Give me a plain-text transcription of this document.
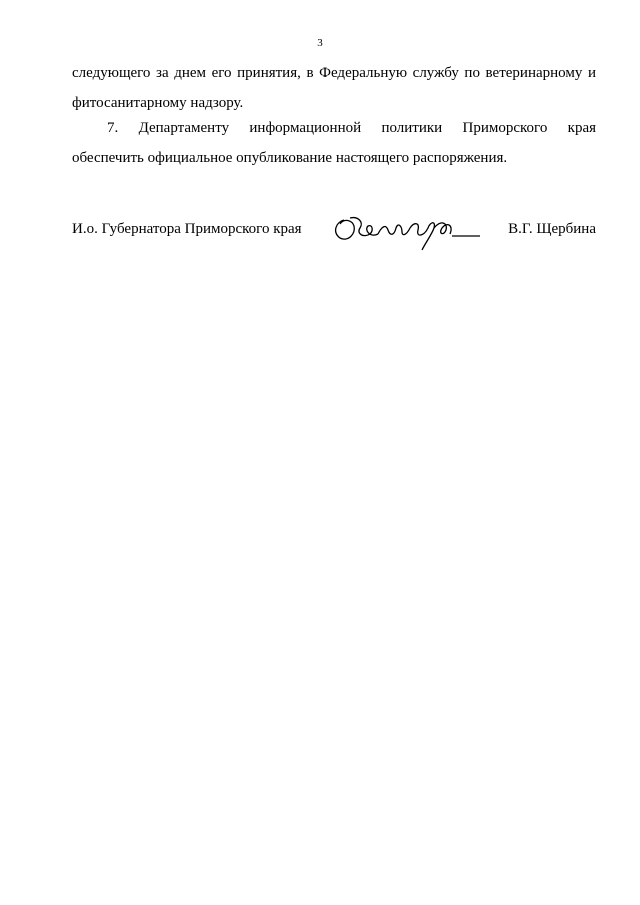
3
следующего за днем его принятия, в Федеральную службу по ветеринарному и
фитосанитарному надзору.
7. Департаменту информационной политики Приморского края
обеспечить официальное опубликование настоящего распоряжения.
И.о. Губернатора Приморского края	В.Г. Щербина
